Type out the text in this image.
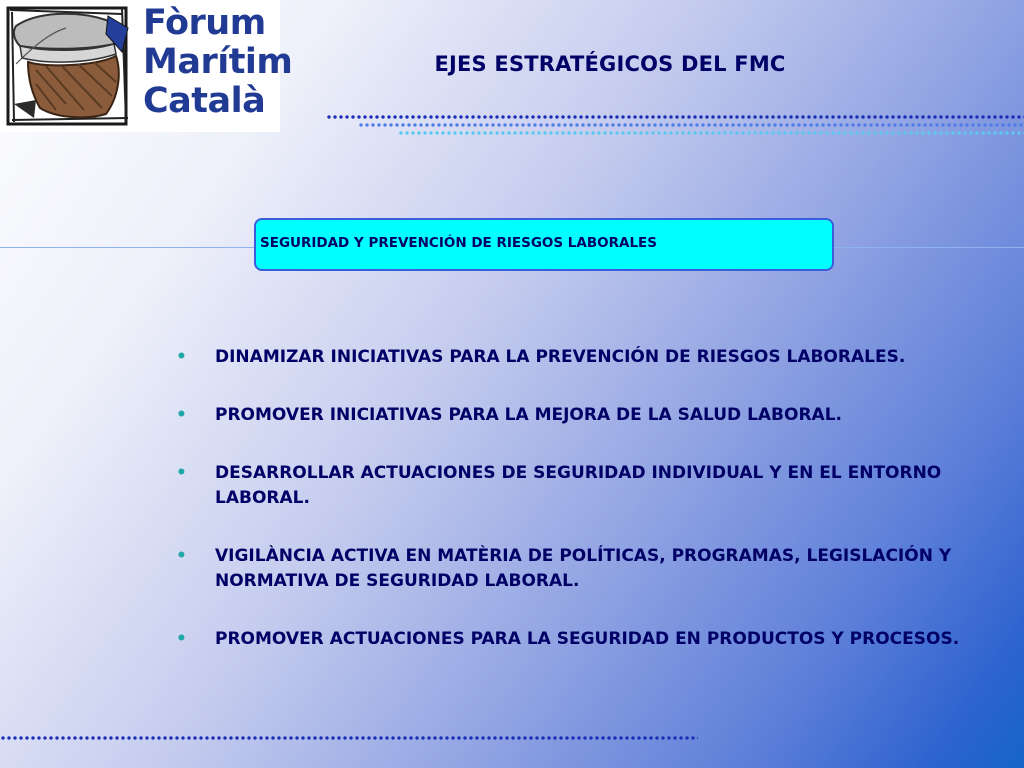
Fòrum
Marítim
Català
EJES ESTRATÉGICOS DEL FMC
SEGURIDAD Y PREVENCIÓN DE RIESGOS LABORALES
• DINAMIZAR INICIATIVAS PARA LA PREVENCIÓN DE RIESGOS LABORALES.
• PROMOVER INICIATIVAS PARA LA MEJORA DE LA SALUD LABORAL.
• DESARROLLAR ACTUACIONES DE SEGURIDAD INDIVIDUAL Y EN EL ENTORNO LABORAL.
• VIGILÀNCIA ACTIVA EN MATÈRIA DE POLÍTICAS, PROGRAMAS, LEGISLACIÓN Y NORMATIVA DE SEGURIDAD LABORAL.
• PROMOVER ACTUACIONES PARA LA SEGURIDAD EN PRODUCTOS Y PROCESOS.
